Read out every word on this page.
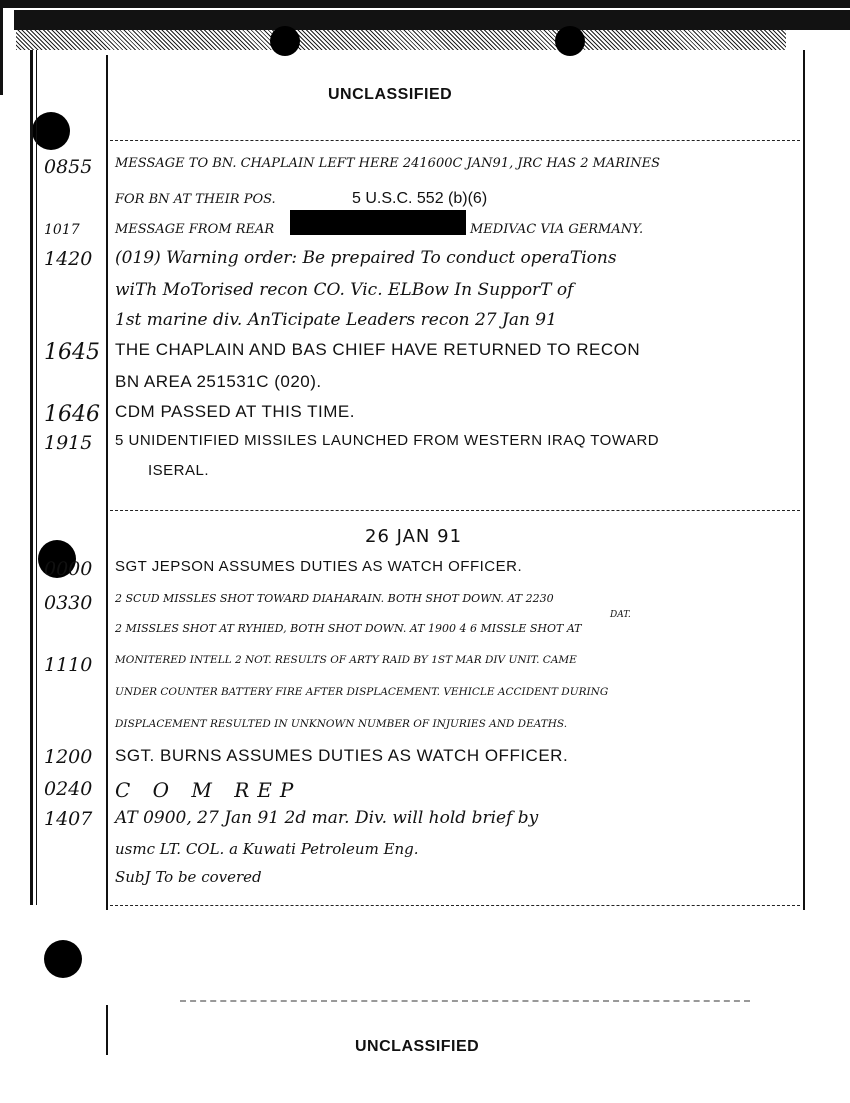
UNCLASSIFIED
0855	MESSAGE TO BN. CHAPLAIN LEFT HERE 241600C JAN91, JRC HAS 2 MARINES
FOR BN AT THEIR POS.	5 U.S.C. 552 (b)(6)
1017	MESSAGE FROM REAR	MEDIVAC VIA GERMANY.
1420	(019) Warning order: Be prepaired To conduct operaTions
wiTh MoTorised recon CO. Vic. ELBow In SupporT of
1st marine div. AnTicipate Leaders recon 27 Jan 91
1645 THE CHAPLAIN AND BAS CHIEF HAVE RETURNED TO RECON
BN AREA 251531C (020).
1646 CDM PASSED AT THIS TIME.
1915	5 UNIDENTIFIED MISSILES LAUNCHED FROM WESTERN IRAQ TOWARD
ISERAL.
26 JAN 91
0000	SGT JEPSON ASSUMES DUTIES AS WATCH OFFICER.
0330	2 SCUD MISSLES SHOT TOWARD DIAHARAIN. BOTH SHOT DOWN. AT 2230
2 MISSLES SHOT AT RYHIED, BOTH SHOT DOWN. AT 1900 4 6 MISSLE SHOT AT
DAT.
1110	MONITERED INTELL 2 NOT. RESULTS OF ARTY RAID BY 1ST MAR DIV UNIT. CAME
UNDER COUNTER BATTERY FIRE AFTER DISPLACEMENT. VEHICLE ACCIDENT DURING
DISPLACEMENT RESULTED IN UNKNOWN NUMBER OF INJURIES AND DEATHS.
1200	SGT. BURNS ASSUMES DUTIES AS WATCH OFFICER.
0240	C O M REP
1407	AT 0900, 27 Jan 91 2d mar. Div. will hold brief by
usmc LT. COL. a Kuwati Petroleum Eng.
SubJ To be covered
UNCLASSIFIED
